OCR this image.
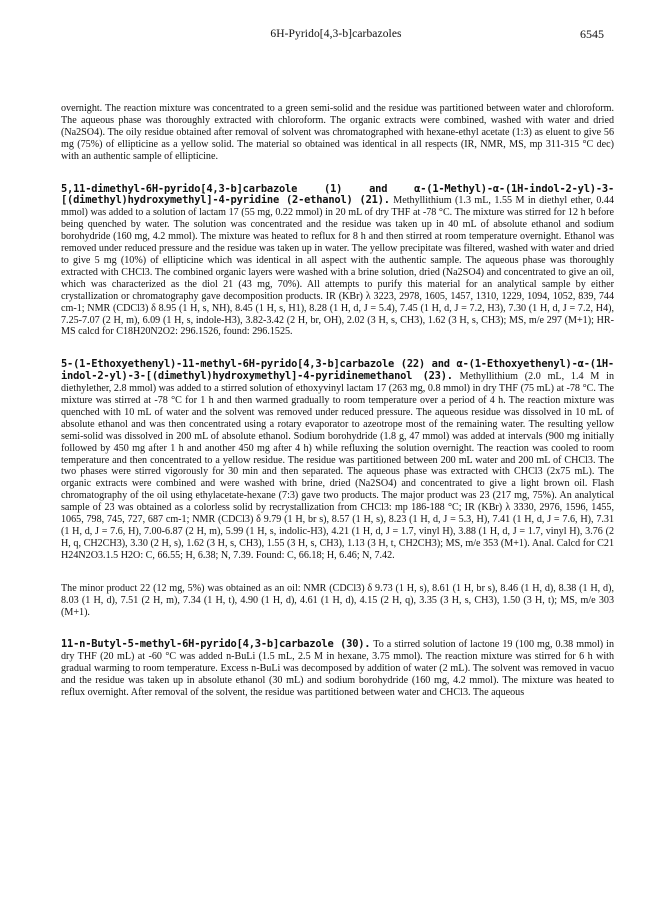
6H-Pyrido[4,3-b]carbazoles	6545

overnight. The reaction mixture was concentrated to a green semi-solid and the residue was partitioned between water and chloroform. The aqueous phase was thoroughly extracted with chloroform. The organic extracts were combined, washed with water and dried (Na2SO4). The oily residue obtained after removal of solvent was chromatographed with hexane-ethyl acetate (1:3) as eluent to give 56 mg (75%) of ellipticine as a yellow solid. The material so obtained was identical in all respects (IR, NMR, MS, mp 311-315 °C dec) with an authentic sample of ellipticine.

5,11-dimethyl-6H-pyrido[4,3-b]carbazole (1) and α-(1-Methyl)-α-(1H-indol-2-yl)-3-[(dimethyl)hydroxymethyl]-4-pyridine (2-ethanol) (21). Methyllithium (1.3 mL, 1.55 M in diethyl ether, 0.44 mmol) was added to a solution of lactam 17 (55 mg, 0.22 mmol) in 20 mL of dry THF at -78 °C. The mixture was stirred for 12 h before being quenched by water. The solution was concentrated and the residue was taken up in 40 mL of absolute ethanol and sodium borohydride (160 mg, 4.2 mmol). The mixture was heated to reflux for 8 h and then stirred at room temperature overnight. Ethanol was removed under reduced pressure and the residue was taken up in water. The yellow precipitate was filtered, washed with water and dried to give 5 mg (10%) of ellipticine which was identical in all aspect with the authentic sample. The aqueous phase was thoroughly extracted with CHCl3. The combined organic layers were washed with a brine solution, dried (Na2SO4) and concentrated to give an oil, which was characterized as the diol 21 (43 mg, 70%). All attempts to purify this material for an analytical sample by either crystallization or chromatography gave decomposition products. IR (KBr) λ 3223, 2978, 1605, 1457, 1310, 1229, 1094, 1052, 839, 744 cm-1; NMR (CDCl3) δ 8.95 (1 H, s, NH), 8.45 (1 H, s, H1), 8.28 (1 H, d, J = 5.4), 7.45 (1 H, d, J = 7.2, H3), 7.30 (1 H, d, J = 7.2, H4), 7.25-7.07 (2 H, m), 6.09 (1 H, s, indole-H3), 3.82-3.42 (2 H, br, OH), 2.02 (3 H, s, CH3), 1.62 (3 H, s, CH3); MS, m/e 297 (M+1); HR-MS calcd for C18H20N2O2: 296.1526, found: 296.1525.

5-(1-Ethoxyethenyl)-11-methyl-6H-pyrido[4,3-b]carbazole (22) and α-(1-Ethoxyethenyl)-α-(1H-indol-2-yl)-3-[(dimethyl)hydroxymethyl]-4-pyridinemethanol (23). Methyllithium (2.0 mL, 1.4 M in diethylether, 2.8 mmol) was added to a stirred solution of ethoxyvinyl lactam 17 (263 mg, 0.8 mmol) in dry THF (75 mL) at -78 °C. The mixture was stirred at -78 °C for 1 h and then warmed gradually to room temperature over a period of 4 h. The reaction mixture was quenched with 10 mL of water and the solvent was removed under reduced pressure. The aqueous residue was dissolved in 10 mL of absolute ethanol and was then concentrated using a rotary evaporator to azeotrope most of the remaining water. The resulting yellow semi-solid was dissolved in 200 mL of absolute ethanol. Sodium borohydride (1.8 g, 47 mmol) was added at intervals (900 mg initially followed by 450 mg after 1 h and another 450 mg after 4 h) while refluxing the solution overnight. The reaction was cooled to room temperature and then concentrated to a yellow residue. The residue was partitioned between 200 mL water and 200 mL of CHCl3. The two phases were stirred vigorously for 30 min and then separated. The aqueous phase was extracted with CHCl3 (2x75 mL). The organic extracts were combined and were washed with brine, dried (Na2SO4) and concentrated to give a light brown oil. Flash chromatography of the oil using ethylacetate-hexane (7:3) gave two products. The major product was 23 (217 mg, 75%). An analytical sample of 23 was obtained as a colorless solid by recrystallization from CHCl3: mp 186-188 °C; IR (KBr) λ 3330, 2976, 1596, 1455, 1065, 798, 745, 727, 687 cm-1; NMR (CDCl3) δ 9.79 (1 H, br s), 8.57 (1 H, s), 8.23 (1 H, d, J = 5.3, H), 7.41 (1 H, d, J = 7.6, H), 7.31 (1 H, d, J = 7.6, H), 7.00-6.87 (2 H, m), 5.99 (1 H, s, indolic-H3), 4.21 (1 H, d, J = 1.7, vinyl H), 3.88 (1 H, d, J = 1.7, vinyl H), 3.76 (2 H, q, CH2CH3), 3.30 (2 H, s), 1.62 (3 H, s, CH3), 1.55 (3 H, s, CH3), 1.13 (3 H, t, CH2CH3); MS, m/e 353 (M+1). Anal. Calcd for C21 H24N2O3.1.5 H2O: C, 66.55; H, 6.38; N, 7.39. Found: C, 66.18; H, 6.46; N, 7.42.

The minor product 22 (12 mg, 5%) was obtained as an oil: NMR (CDCl3) δ 9.73 (1 H, s), 8.61 (1 H, br s), 8.46 (1 H, d), 8.38 (1 H, d), 8.03 (1 H, d), 7.51 (2 H, m), 7.34 (1 H, t), 4.90 (1 H, d), 4.61 (1 H, d), 4.15 (2 H, q), 3.35 (3 H, s, CH3), 1.50 (3 H, t); MS, m/e 303 (M+1).

11-n-Butyl-5-methyl-6H-pyrido[4,3-b]carbazole (30). To a stirred solution of lactone 19 (100 mg, 0.38 mmol) in dry THF (20 mL) at -60 °C was added n-BuLi (1.5 mL, 2.5 M in hexane, 3.75 mmol). The reaction mixture was stirred for 6 h with gradual warming to room temperature. Excess n-BuLi was decomposed by addition of water (2 mL). The solvent was removed in vacuo and the residue was taken up in absolute ethanol (30 mL) and sodium borohydride (160 mg, 4.2 mmol). The mixture was heated to reflux overnight. After removal of the solvent, the residue was partitioned between water and CHCl3. The aqueous
